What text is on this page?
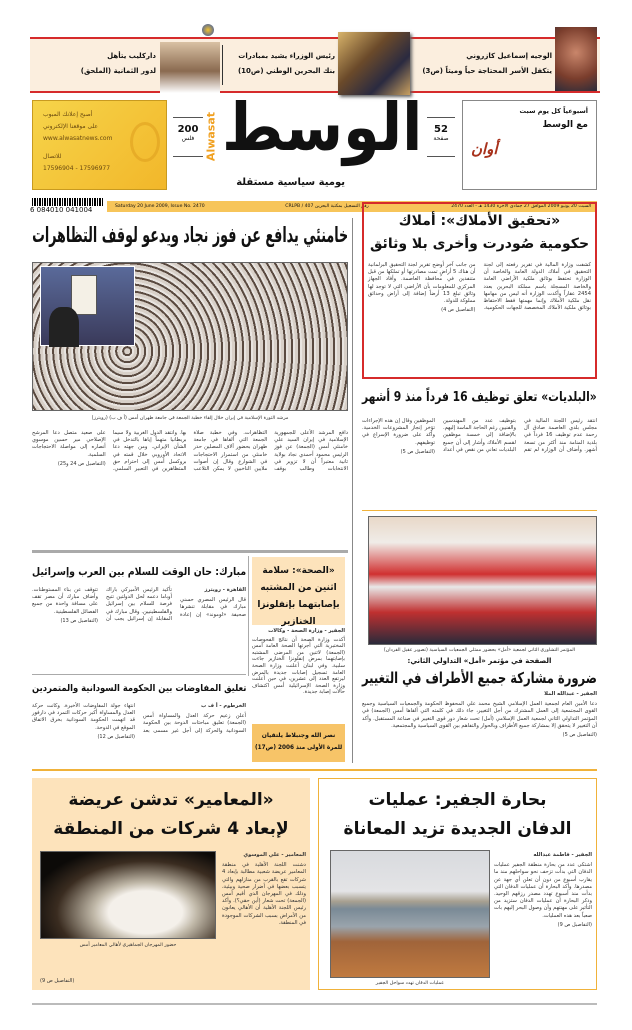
الوجيه إسماعيل كازروني
يتكفل الأسر المحتاجة حياً وميتاً (ص3)
رئيس الوزراء يشيد بمبادرات
بنك البحرين الوطني (ص10)
داركليب يتأهل
لدور الثمانية (الملحق)
أصبح إعلانك المبوب
على موقعنا الإلكتروني
www.alwasatnews.com
للاتصال
17596904 - 17596977
200
فلس Alwasat الوسط
يومية سياسية مستقلة
52
صفحة
أسبوعياً كل يوم سبت
مع الوسط
أوان
6 084010 041004	Saturday 20 June 2009, Issue No. 2470	رقم التسجيل بمكتبة البحرين 407 / CRLPB	السبت 20 يونيو 2009 الموافق 27 جمادى الآخرة 1430 هـ - العدد 2470
خامنئي يدافع عن فوز نجاد ويدعو لوقف التظاهرات
مرشد الثورة الإسلامية في إيران خلال إلقاء خطبة الجمعة في جامعة طهران أمس (أ ف ب) (رويترز)
دافع المرشد الأعلى للجمهورية الإسلامية في إيران السيد علي خامنئي أمس (الجمعة) عن فوز الرئيس محمود أحمدي نجاد بولاية ثانية معتبراً أن لا تزوير في الانتخابات وطالب بوقف التظاهرات. وفي خطبة صلاة الجمعة التي ألقاها في جامعة طهران بحضور آلاف المصلين حذر خامنئي من استمرار الاحتجاجات في الشوارع وقال إن أصوات ملايين الناخبين لا يمكن التلاعب بها. وانتقد الدول الغربية ولا سيما بريطانيا متهماً إياها بالتدخل في الشأن الإيراني. ومن جهته دعا الاتحاد الأوروبي خلال قمته في بروكسل أمس إلى احترام حق المتظاهرين في التعبير السلمي. على صعيد متصل دعا المرشح الإصلاحي مير حسين موسوي أنصاره إلى مواصلة الاحتجاجات السلمية.
(التفاصيل ص 24 و25)
«تحقيق الأملاك»: أملاك
حكومية صُودرت وأخرى بلا وثائق
كشفت وزارة المالية في تقرير رفعته إلى لجنة التحقيق في أملاك الدولة العامة والخاصة أن الوزارة تحتفظ بوثائق ملكية الأراضي العامة والخاصة المسجلة باسم مملكة البحرين بعدد 2454 عقاراً وأكدت الوزارة أنه ليس من مهامها نقل ملكية الأملاك وإنما مهمتها فقط الاحتفاظ بوثائق ملكية الأملاك المخصصة للجهات الحكومية. من جانب آخر أوضح تقرير لجنة التحقيق البرلمانية أن هناك 5 أراضٍ تمت مصادرتها أو تملكها من قبل متنفذين في محافظة العاصمة. وأفاد الجهاز المركزي للمعلومات بأن الأراضي التي لا توجد لها وثائق تبلغ 13 أرضاً إضافة إلى أراض وحدائق مملوكة للدولة.
(التفاصيل ص 4)
«البلديات» تعلق توظيف 16 فرداً منذ 9 أشهر
انتقد رئيس اللجنة المالية في مجلس بلدي العاصمة صادق آل رحمة عدم توظيف 16 فرداً في بلدية المنامة منذ أكثر من تسعة أشهر. وأضاف أن الوزارة لم تقم بتوظيف عدد من المهندسين والفنيين رغم الحاجة الماسة إليهم. بالإضافة إلى خمسة موظفين لقسم الأملاك وأشار إلى أن جميع البلديات تعاني من نقص في أعداد الموظفين وقال إن هذه الإجراءات تؤخر إنجاز المشروعات الخدمية. وأكد على ضرورة الإسراع في توظيفهم.
(التفاصيل ص 5)
المؤتمر التشاوري الثاني لجمعية «أمل» بحضور ممثلي الجمعيات السياسية (تصوير عقيل الفردان)
الصفحة في مؤتمر «أمل» التداولي الثاني:
ضرورة مشاركة جميع الأطراف في التغيير
الجفير - عبدالله الملا
دعا الأمين العام لجمعية العمل الإسلامي الشيخ محمد علي المحفوظ الحكومة والجمعيات السياسية وجميع القوى المجتمعية إلى العمل المشترك من أجل التغيير، جاء ذلك في كلمته التي ألقاها أمس (الجمعة) في المؤتمر التداولي الثاني لجمعية العمل الإسلامي (أمل) تحت شعار دور قوى التغيير في صناعة المستقبل. وأكد أن التغيير لا يتحقق إلا بمشاركة جميع الأطراف وبالحوار والتفاهم بين القوى السياسية والمجتمعية.
(التفاصيل ص 5)
مبارك: حان الوقت للسلام بين العرب وإسرائيل
القاهرة - رويترز
قال الرئيس المصري حسني مبارك في مقابلة تنشرها صحيفة «لوموند» إن إعادة تأكيد الرئيس الأميركي باراك أوباما دعمه لحل الدولتين تتيح فرصة للسلام بين إسرائيل والفلسطينيين. وقال مبارك في المقابلة إن إسرائيل يجب أن تتوقف عن بناء المستوطنات. وأضاف مبارك أن مصر تقف على مسافة واحدة من جميع الفصائل الفلسطينية.
(التفاصيل ص 13)
«الصحة»: سلامة اثنين من المشتبه بإصابتهما بإنفلونزا الخنازير
الجفير - وزارة الصحة - وكالات
أكدت وزارة الصحة أن نتائج الفحوصات المختبرية التي أجرتها الصحة العامة أمس (الجمعة) لاثنين من المرضى المشتبه بإصابتهما بمرض إنفلونزا الخنازير جاءت سلبية. وفي لبنان أعلنت وزارة الصحة العامة تسجيل إصابات جديدة بالمرض ليرتفع العدد إلى عشرين، في حين أعلنت وزارة الصحة الإسرائيلية أمس اكتشاف حالات إصابة جديدة.
تعليق المفاوضات بين الحكومة السودانية والمتمردين
الخرطوم - أ ف ب
أعلن زعيم حركة العدل والمساواة أمس (الجمعة) تعليق مباحثات الدوحة بين الحكومة السودانية والحركة إلى أجل غير مسمى بعد انتهاء جولة المفاوضات الأخيرة. وكانت حركة العدل والمساواة أكبر حركات التمرد في دارفور قد اتهمت الحكومة السودانية بخرق الاتفاق الموقع في الدوحة.
(التفاصيل ص 12)	نصر الله وجنبلاط يلتقيان
للمرة الأولى منذ 2006 (ص17)
«المعامير» تدشن عريضة
لإبعاد 4 شركات من المنطقة
حضور المهرجان الجماهيري لأهالي المعامير أمس
المعامير - علي الموسوي
دشنت اللجنة الأهلية في منطقة المعامير عريضة شعبية مطالبة بإبعاد 4 شركات تقع بالقرب من منازلهم والتي يتسبب بعضها في أضرار صحية وبيئية، وذلك في المهرجان الذي أقيم أمس (الجمعة) تحت شعار (أين حقي؟). وأكد رئيس اللجنة الأهلية أن الأهالي يعانون من الأمراض بسبب الشركات الموجودة في المنطقة.
(التفاصيل ص 9)
بحارة الجفير: عمليات
الدفان الجديدة تزيد المعاناة
عمليات الدفان تهدد سواحل الجفير
الجفير - فاطمة عبدالله
اشتكى عدد من بحارة منطقة الجفير عمليات الدفان التي بدأت تزحف نحو سواحلهم منذ ما يقارب أسبوع من دون أن تعلن أي جهة عن مصدرها. وأكد البحارة أن عمليات الدفان التي بدأت منذ أسبوع تهدد مصدر رزقهم الوحيد. وذكر البحارة أن عمليات الدفان ستزيد من التأثير على مهنتهم وأن وصول البحر إليهم بات صعباً بعد هذه العمليات.
(التفاصيل ص 9)
